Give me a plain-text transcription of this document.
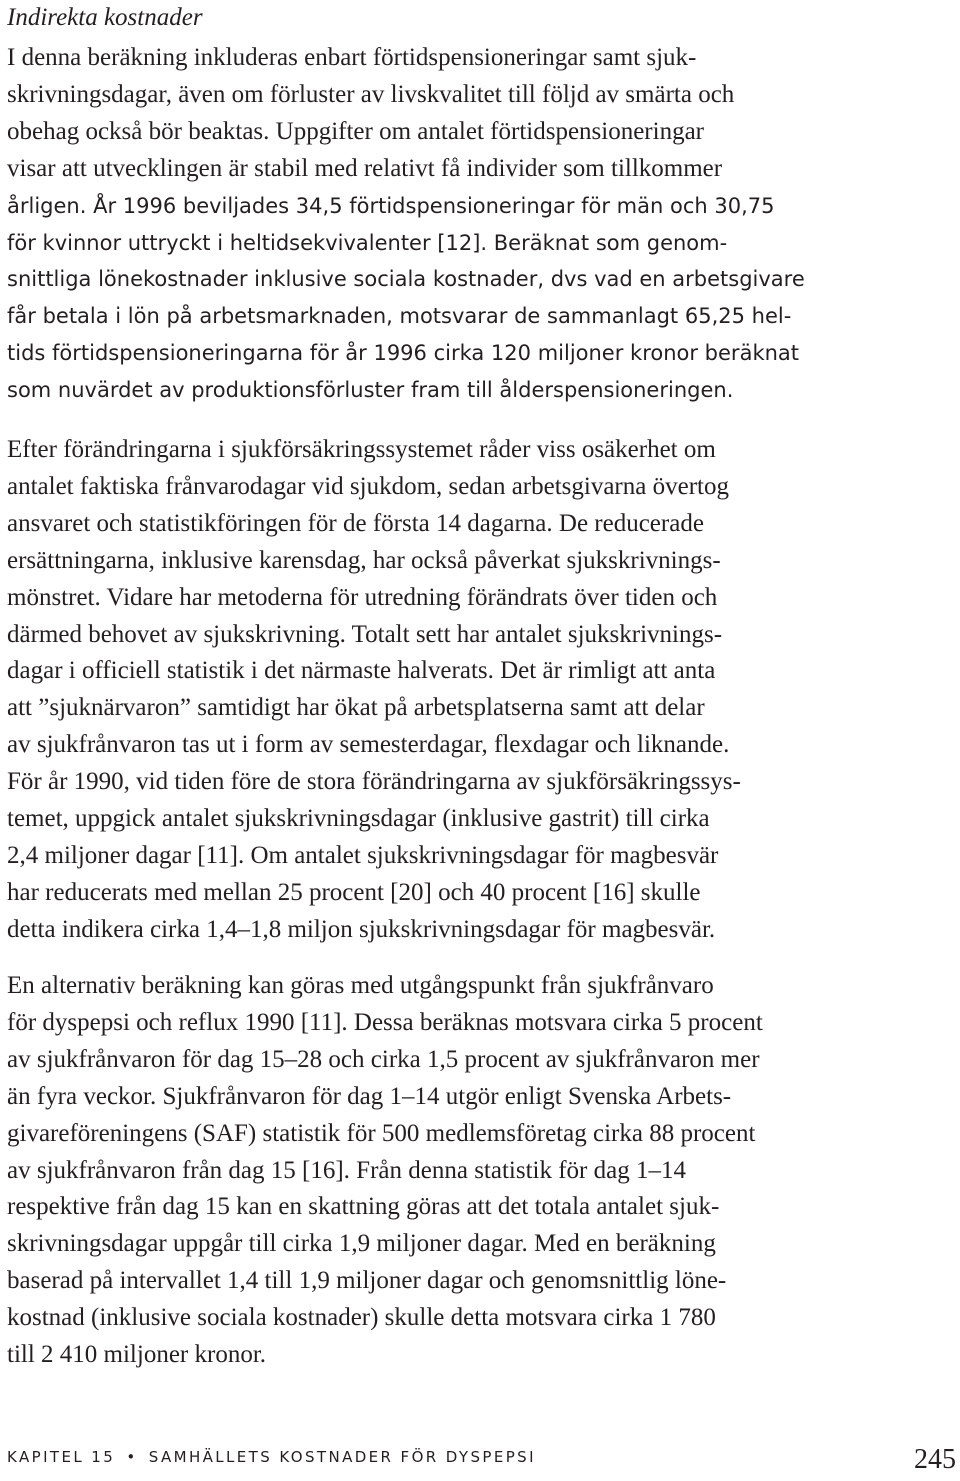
Indirekta kostnader

I denna beräkning inkluderas enbart förtidspensioneringar samt sjuk-

skrivningsdagar, även om förluster av livskvalitet till följd av smärta och

obehag också bör beaktas. Uppgifter om antalet förtidspensioneringar

visar att utvecklingen är stabil med relativt få individer som tillkommer

årligen. År 1996 beviljades 34,5 förtidspensioneringar för män och 30,75

för kvinnor uttryckt i heltidsekvivalenter [12]. Beräknat som genom-

snittliga lönekostnader inklusive sociala kostnader, dvs vad en arbetsgivare

får betala i lön på arbetsmarknaden, motsvarar de sammanlagt 65,25 hel-

tids förtidspensioneringarna för år 1996 cirka 120 miljoner kronor beräknat

som nuvärdet av produktionsförluster fram till ålderspensioneringen.

Efter förändringarna i sjukförsäkringssystemet råder viss osäkerhet om

antalet faktiska frånvarodagar vid sjukdom, sedan arbetsgivarna övertog

ansvaret och statistikföringen för de första 14 dagarna. De reducerade

ersättningarna, inklusive karensdag, har också påverkat sjukskrivnings-

mönstret. Vidare har metoderna för utredning förändrats över tiden och

därmed behovet av sjukskrivning. Totalt sett har antalet sjukskrivnings-

dagar i officiell statistik i det närmaste halverats. Det är rimligt att anta

att ”sjuknärvaron” samtidigt har ökat på arbetsplatserna samt att delar

av sjukfrånvaron tas ut i form av semesterdagar, flexdagar och liknande.

För år 1990, vid tiden före de stora förändringarna av sjukförsäkringssys-

temet, uppgick antalet sjukskrivningsdagar (inklusive gastrit) till cirka

2,4 miljoner dagar [11]. Om antalet sjukskrivningsdagar för magbesvär

har reducerats med mellan 25 procent [20] och 40 procent [16] skulle

detta indikera cirka 1,4–1,8 miljon sjukskrivningsdagar för magbesvär.

En alternativ beräkning kan göras med utgångspunkt från sjukfrånvaro

för dyspepsi och reflux 1990 [11]. Dessa beräknas motsvara cirka 5 procent

av sjukfrånvaron för dag 15–28 och cirka 1,5 procent av sjukfrånvaron mer

än fyra veckor. Sjukfrånvaron för dag 1–14 utgör enligt Svenska Arbets-

givareföreningens (SAF) statistik för 500 medlemsföretag cirka 88 procent

av sjukfrånvaron från dag 15 [16]. Från denna statistik för dag 1–14

respektive från dag 15 kan en skattning göras att det totala antalet sjuk-

skrivningsdagar uppgår till cirka 1,9 miljoner dagar. Med en beräkning

baserad på intervallet 1,4 till 1,9 miljoner dagar och genomsnittlig löne-

kostnad (inklusive sociala kostnader) skulle detta motsvara cirka 1 780

till 2 410 miljoner kronor.

KAPITEL 15 • SAMHÄLLETS KOSTNADER FÖR DYSPEPSI	245
